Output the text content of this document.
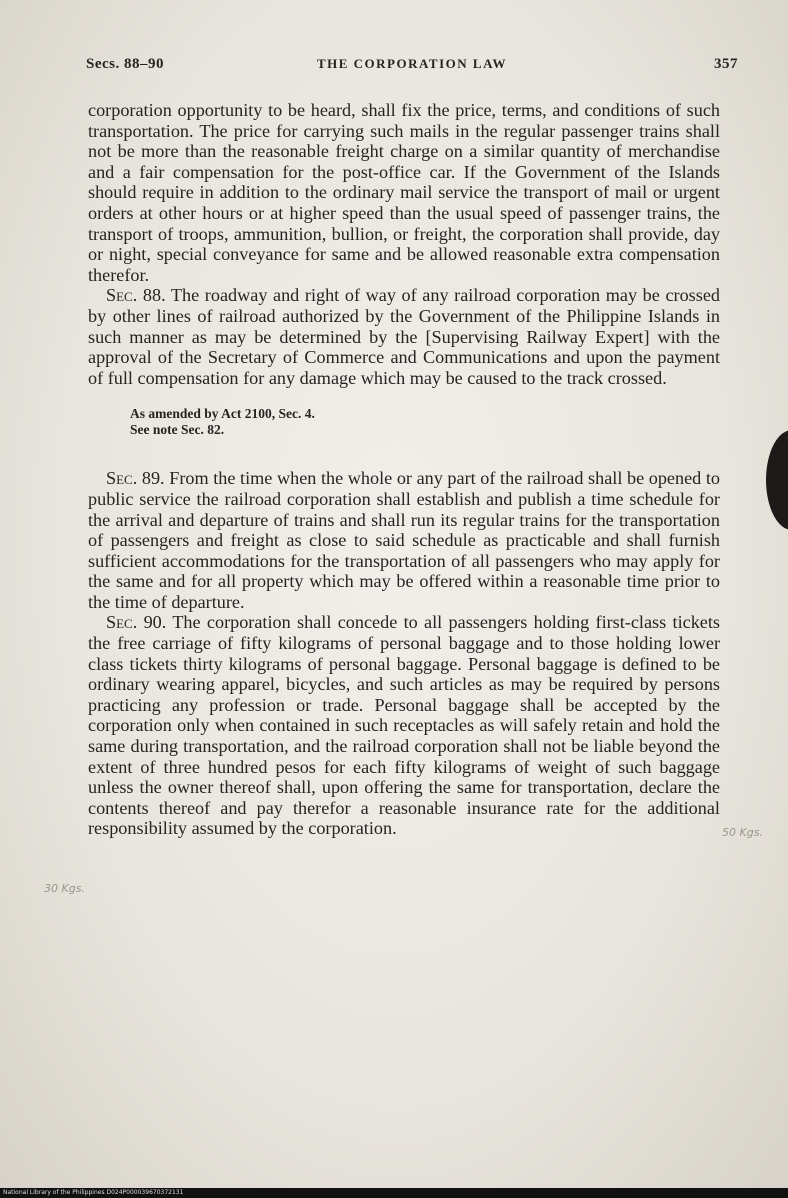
Secs. 88–90	THE CORPORATION LAW	357

corporation opportunity to be heard, shall fix the price, terms, and conditions of such transportation. The price for carrying such mails in the regular passenger trains shall not be more than the reasonable freight charge on a similar quantity of merchandise and a fair compensation for the post-office car. If the Government of the Islands should require in addition to the ordinary mail service the transport of mail or urgent orders at other hours or at higher speed than the usual speed of passenger trains, the transport of troops, ammunition, bullion, or freight, the corporation shall provide, day or night, special conveyance for same and be allowed reasonable extra compensation therefor.

Sec. 88. The roadway and right of way of any railroad corporation may be crossed by other lines of railroad authorized by the Government of the Philippine Islands in such manner as may be determined by the [Supervising Railway Expert] with the approval of the Secretary of Commerce and Communications and upon the payment of full compensation for any damage which may be caused to the track crossed.

As amended by Act 2100, Sec. 4.
See note Sec. 82.

Sec. 89. From the time when the whole or any part of the railroad shall be opened to public service the railroad corporation shall establish and publish a time schedule for the arrival and departure of trains and shall run its regular trains for the transportation of passengers and freight as close to said schedule as practicable and shall furnish sufficient accommodations for the transportation of all passengers who may apply for the same and for all property which may be offered within a reasonable time prior to the time of departure.

Sec. 90. The corporation shall concede to all passengers holding first-class tickets the free carriage of fifty kilograms of personal baggage and to those holding lower class tickets thirty kilograms of personal baggage. Personal baggage is defined to be ordinary wearing apparel, bicycles, and such articles as may be required by persons practicing any profession or trade. Personal baggage shall be accepted by the corporation only when contained in such receptacles as will safely retain and hold the same during transportation, and the railroad corporation shall not be liable beyond the extent of three hundred pesos for each fifty kilograms of weight of such baggage unless the owner thereof shall, upon offering the same for transportation, declare the contents thereof and pay therefor a reasonable insurance rate for the additional responsibility assumed by the corporation.	50 Kgs.
30 Kgs.
National Library of the Philippines D024P000039670372131
